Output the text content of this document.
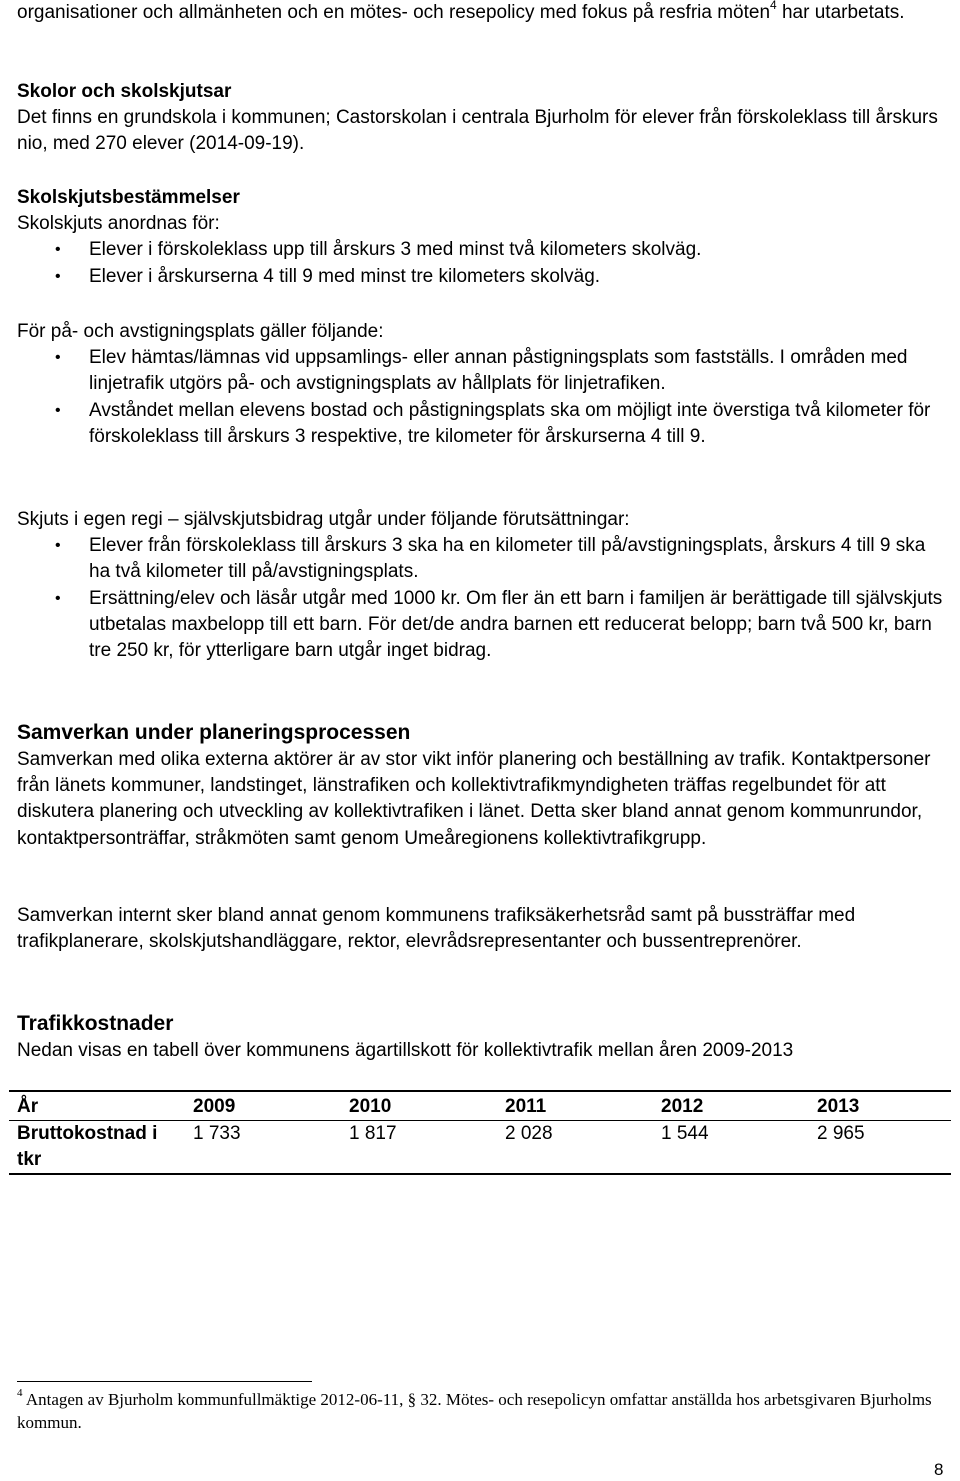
organisationer och allmänheten och en mötes- och resepolicy med fokus på resfria möten$^4$ har utarbetats.

Skolor och skolskjutsar

Det finns en grundskola i kommunen; Castorskolan i centrala Bjurholm för elever från förskoleklass till årskurs nio, med 270 elever (2014-09-19).

Skolskjutsbestämmelser

Skolskjuts anordnas för:

• Elever i förskoleklass upp till årskurs 3 med minst två kilometers skolväg.
• Elever i årskurserna 4 till 9 med minst tre kilometers skolväg.

För på- och avstigningsplats gäller följande:

• Elev hämtas/lämnas vid uppsamlings- eller annan påstigningsplats som fastställs. I områden med linjetrafik utgörs på- och avstigningsplats av hållplats för linjetrafiken.
• Avståndet mellan elevens bostad och påstigningsplats ska om möjligt inte överstiga två kilometer för förskoleklass till årskurs 3 respektive, tre kilometer för årskurserna 4 till 9.

Skjuts i egen regi – självskjutsbidrag utgår under följande förutsättningar:

• Elever från förskoleklass till årskurs 3 ska ha en kilometer till på/avstigningsplats, årskurs 4 till 9 ska ha två kilometer till på/avstigningsplats.
• Ersättning/elev och läsår utgår med 1000 kr. Om fler än ett barn i familjen är berättigade till självskjuts utbetalas maxbelopp till ett barn. För det/de andra barnen ett reducerat belopp; barn två 500 kr, barn tre 250 kr, för ytterligare barn utgår inget bidrag.
Samverkan under planeringsprocessen

Samverkan med olika externa aktörer är av stor vikt inför planering och beställning av trafik. Kontaktpersoner från länets kommuner, landstinget, länstrafiken och kollektivtrafikmyndigheten träffas regelbundet för att diskutera planering och utveckling av kollektivtrafiken i länet. Detta sker bland annat genom kommunrundor, kontaktpersonträffar, stråkmöten samt genom Umeåregionens kollektivtrafikgrupp.

Samverkan internt sker bland annat genom kommunens trafiksäkerhetsråd samt på bussträffar med trafikplanerare, skolskjutshandläggare, rektor, elevrådsrepresentanter och bussentreprenörer.

Trafikkostnader

Nedan visas en tabell över kommunens ägartillskott för kollektivtrafik mellan åren 2009-2013

År	2009	2010	2011	2012	2013
Bruttokostnad i tkr	1 733	1 817	2 028	1 544	2 965
$^4$ Antagen av Bjurholm kommunfullmäktige 2012-06-11, § 32. Mötes- och resepolicyn omfattar anställda hos arbetsgivaren Bjurholms kommun.
8
